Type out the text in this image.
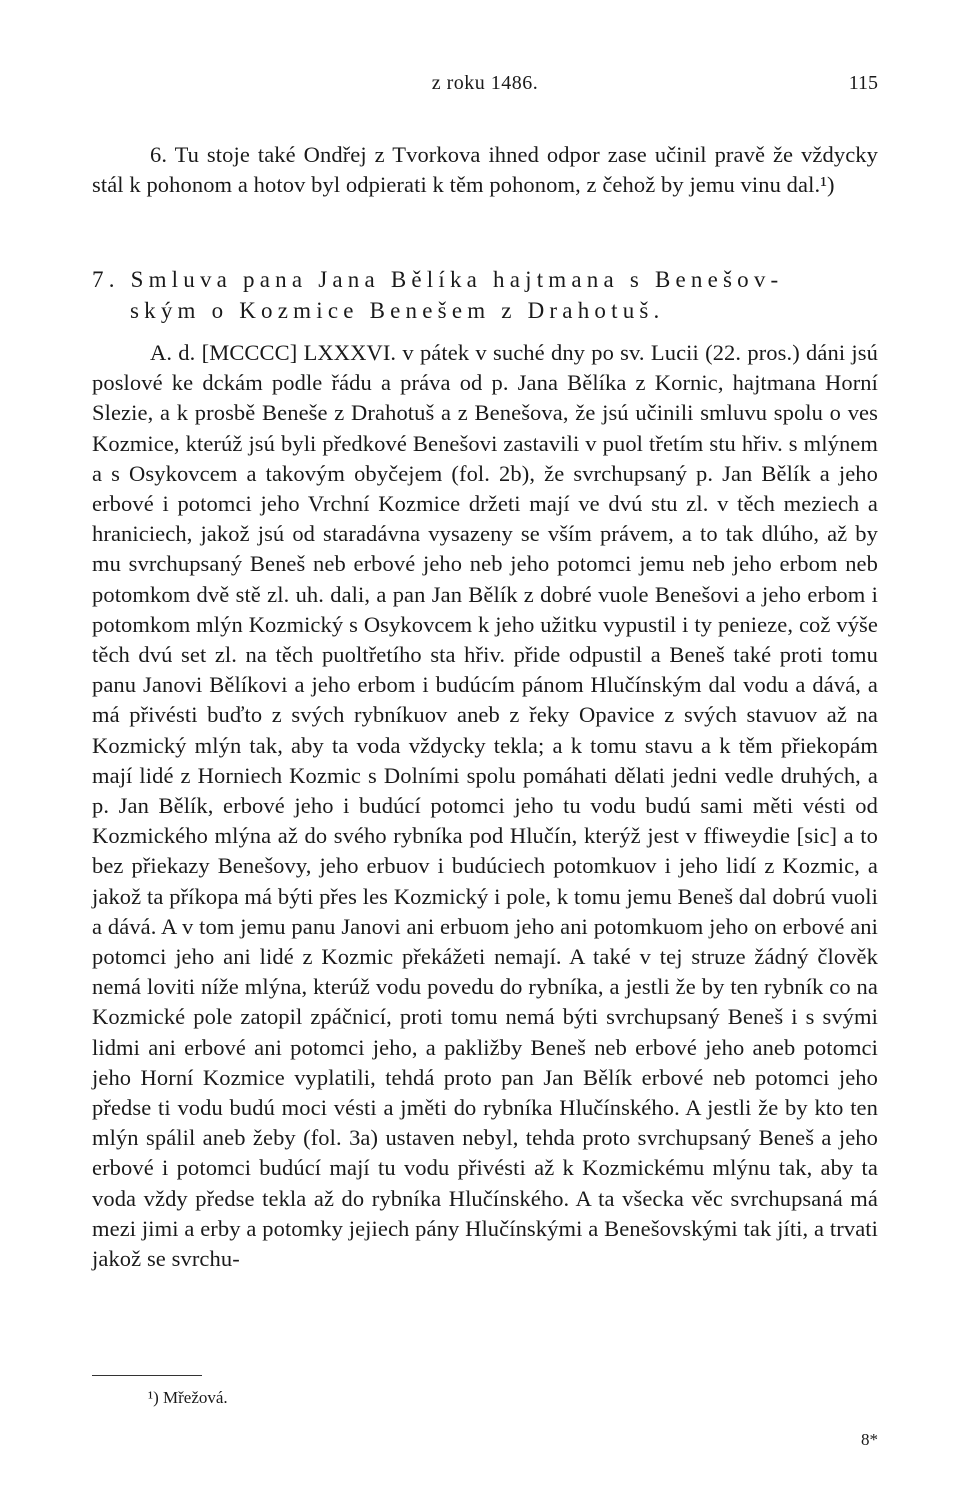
z roku 1486.	115
6. Tu stoje také Ondřej z Tvorkova ihned odpor zase učinil pravě že vždycky stál k pohonom a hotov byl odpierati k těm pohonom, z čehož by jemu vinu dal.¹)
7. Smluva pana Jana Bělíka hajtmana s Benešov-
ským o Kozmice Benešem z Drahotuš.
A. d. [MCCCC] LXXXVI. v pátek v suché dny po sv. Lucii (22. pros.) dáni jsú poslové ke dckám podle řádu a práva od p. Jana Bělíka z Kornic, hajtmana Horní Slezie, a k prosbě Beneše z Drahotuš a z Benešova, že jsú učinili smluvu spolu o ves Kozmice, kterúž jsú byli předkové Benešovi zastavili v puol třetím stu hřiv. s mlýnem a s Osykovcem a takovým obyčejem (fol. 2b), že svrchupsaný p. Jan Bělík a jeho erbové i potomci jeho Vrchní Kozmice držeti mají ve dvú stu zl. v těch meziech a hraniciech, jakož jsú od staradávna vysazeny se vším právem, a to tak dlúho, až by mu svrchupsaný Beneš neb erbové jeho neb jeho potomci jemu neb jeho erbom neb potomkom dvě stě zl. uh. dali, a pan Jan Bělík z dobré vuole Benešovi a jeho erbom i potomkom mlýn Kozmický s Osykovcem k jeho užitku vypustil i ty penieze, což výše těch dvú set zl. na těch puoltřetího sta hřiv. přide odpustil a Beneš také proti tomu panu Janovi Bělíkovi a jeho erbom i budúcím pánom Hlučínským dal vodu a dává, a má přivésti buďto z svých rybníkuov aneb z řeky Opavice z svých stavuov až na Kozmický mlýn tak, aby ta voda vždycky tekla; a k tomu stavu a k těm přiekopám mají lidé z Horniech Kozmic s Dolními spolu pomáhati dělati jedni vedle druhých, a p. Jan Bělík, erbové jeho i budúcí potomci jeho tu vodu budú sami měti vésti od Kozmického mlýna až do svého rybníka pod Hlučín, kterýž jest v ffiweydie [sic] a to bez přiekazy Benešovy, jeho erbuov i budúciech potomkuov i jeho lidí z Kozmic, a jakož ta příkopa má býti přes les Kozmický i pole, k tomu jemu Beneš dal dobrú vuoli a dává. A v tom jemu panu Janovi ani erbuom jeho ani potomkuom jeho on erbové ani potomci jeho ani lidé z Kozmic překážeti nemají. A také v tej struze žádný člověk nemá loviti níže mlýna, kterúž vodu povedu do rybníka, a jestli že by ten rybník co na Kozmické pole zatopil zpáčnicí, proti tomu nemá býti svrchupsaný Beneš i s svými lidmi ani erbové ani potomci jeho, a pakližby Beneš neb erbové jeho aneb potomci jeho Horní Kozmice vyplatili, tehdá proto pan Jan Bělík erbové neb potomci jeho předse ti vodu budú moci vésti a jměti do rybníka Hlučínského. A jestli že by kto ten mlýn spálil aneb žeby (fol. 3a) ustaven nebyl, tehda proto svrchupsaný Beneš a jeho erbové i potomci budúcí mají tu vodu přivésti až k Kozmickému mlýnu tak, aby ta voda vždy předse tekla až do rybníka Hlučínského. A ta všecka věc svrchupsaná má mezi jimi a erby a potomky jejiech pány Hlučínskými a Benešovskými tak jíti, a trvati jakož se svrchu-
¹) Mřežová.
8*
